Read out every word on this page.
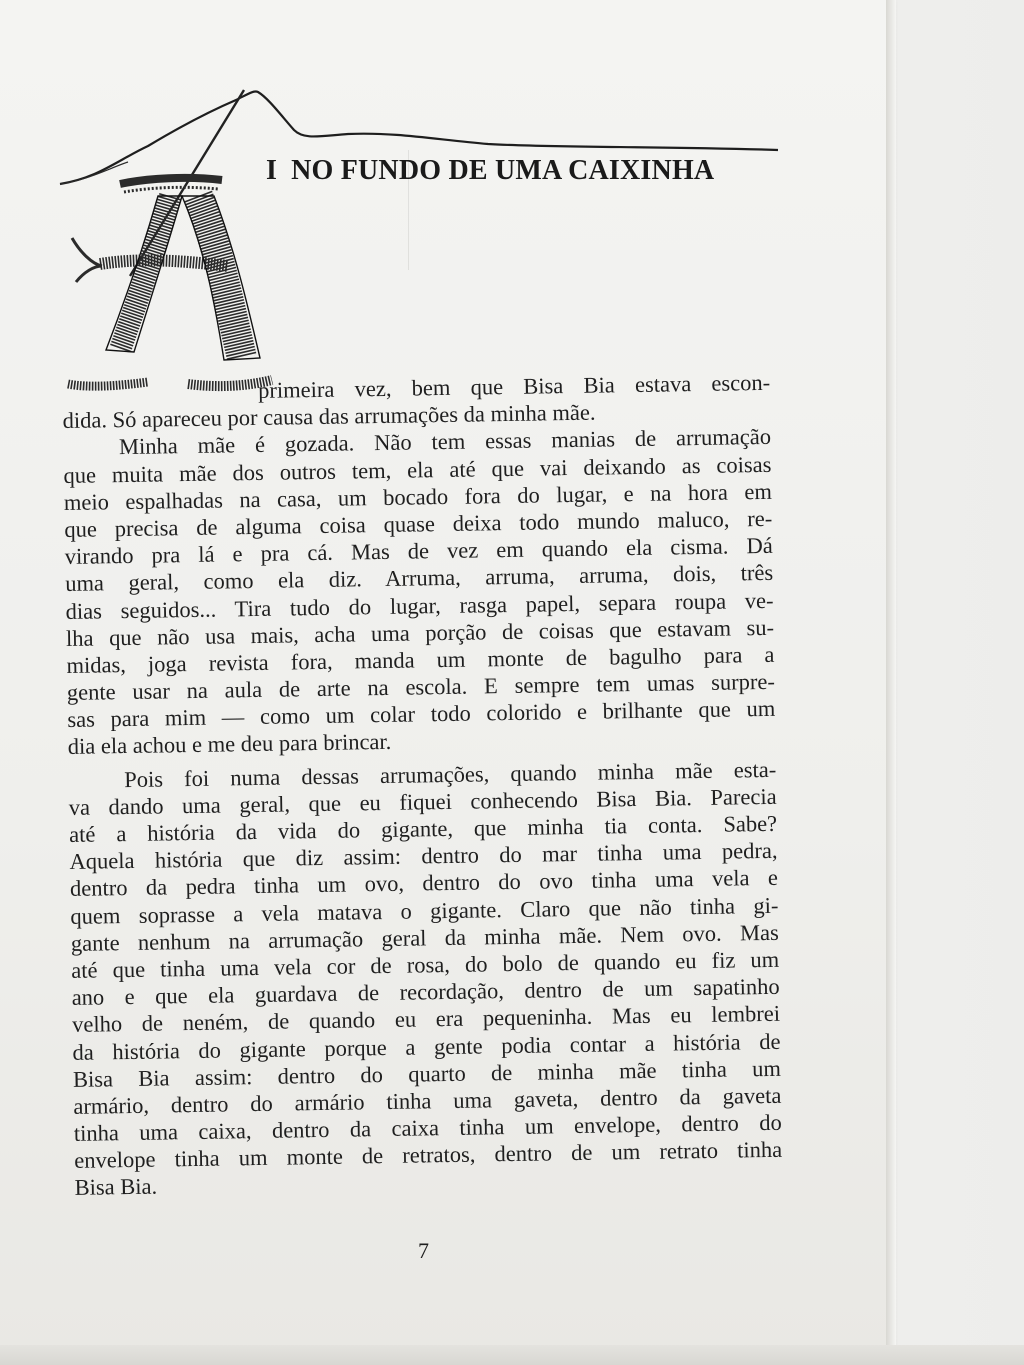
I NO FUNDO DE UMA CAIXINHA
primeira vez, bem que Bisa Bia estava escon-
dida. Só apareceu por causa das arrumações da minha mãe.
Minha mãe é gozada. Não tem essas manias de arrumação
que muita mãe dos outros tem, ela até que vai deixando as coisas
meio espalhadas na casa, um bocado fora do lugar, e na hora em
que precisa de alguma coisa quase deixa todo mundo maluco, re-
virando pra lá e pra cá. Mas de vez em quando ela cisma. Dá
uma geral, como ela diz. Arruma, arruma, arruma, dois, três
dias seguidos... Tira tudo do lugar, rasga papel, separa roupa ve-
lha que não usa mais, acha uma porção de coisas que estavam su-
midas, joga revista fora, manda um monte de bagulho para a
gente usar na aula de arte na escola. E sempre tem umas surpre-
sas para mim — como um colar todo colorido e brilhante que um
dia ela achou e me deu para brincar.
Pois foi numa dessas arrumações, quando minha mãe esta-
va dando uma geral, que eu fiquei conhecendo Bisa Bia. Parecia
até a história da vida do gigante, que minha tia conta. Sabe?
Aquela história que diz assim: dentro do mar tinha uma pedra,
dentro da pedra tinha um ovo, dentro do ovo tinha uma vela e
quem soprasse a vela matava o gigante. Claro que não tinha gi-
gante nenhum na arrumação geral da minha mãe. Nem ovo. Mas
até que tinha uma vela cor de rosa, do bolo de quando eu fiz um
ano e que ela guardava de recordação, dentro de um sapatinho
velho de neném, de quando eu era pequeninha. Mas eu lembrei
da história do gigante porque a gente podia contar a história de
Bisa Bia assim: dentro do quarto de minha mãe tinha um
armário, dentro do armário tinha uma gaveta, dentro da gaveta
tinha uma caixa, dentro da caixa tinha um envelope, dentro do
envelope tinha um monte de retratos, dentro de um retrato tinha
Bisa Bia.
7
